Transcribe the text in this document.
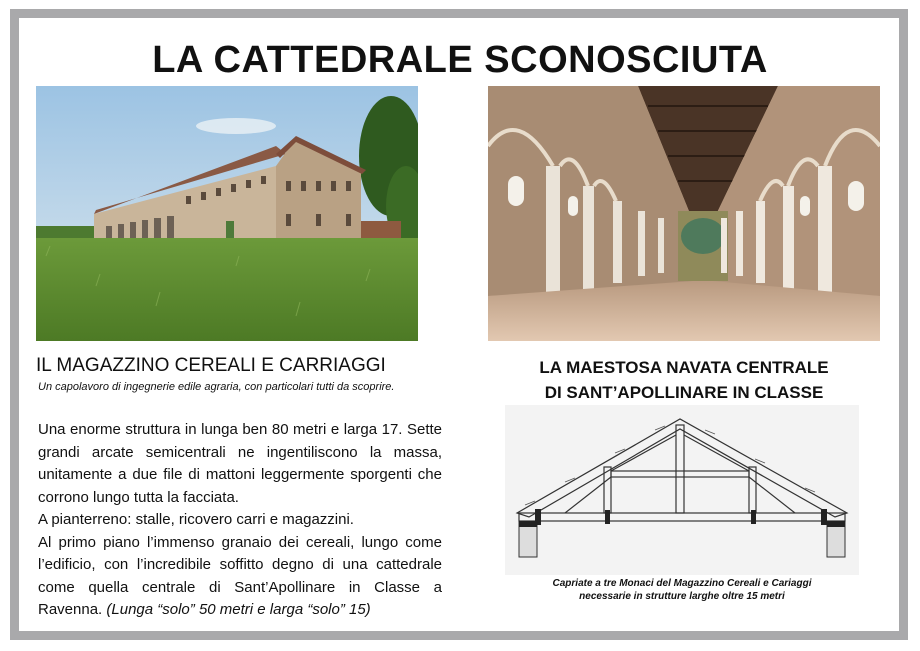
LA CATTEDRALE SCONOSCIUTA
IL MAGAZZINO CEREALI E CARRIAGGI
Un capolavoro di ingegnerie edile agraria, con particolari tutti da scoprire.

Una enorme struttura in lunga ben 80 metri e larga 17. Sette grandi arcate semicentrali ne ingentiliscono la massa, unitamente a due file di mattoni leggermente sporgenti che corrono lungo tutta la facciata.

A pianterreno: stalle, ricovero carri e magazzini.

Al primo piano l’immenso granaio dei cereali, lungo come l’edificio, con l’incredibile soffitto degno di una cattedrale come quella centrale di Sant’Apollinare in Classe a Ravenna. (Lunga “solo” 50 metri e larga “solo” 15)

LA MAESTOSA NAVATA CENTRALE
DI SANT’APOLLINARE IN CLASSE
Capriate a tre Monaci del Magazzino Cereali e Cariaggi
necessarie in strutture larghe oltre 15 metri
